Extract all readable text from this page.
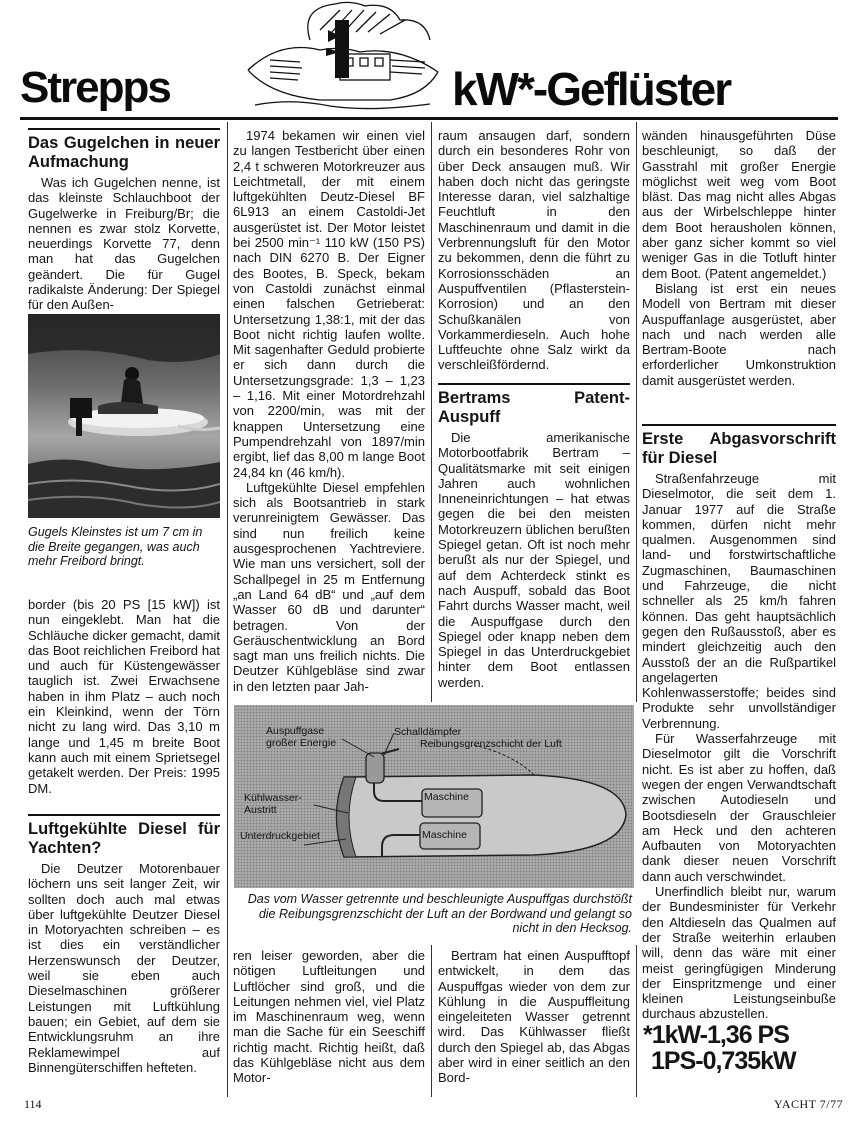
Strepps	kW*-Geflüster
Das Gugelchen in neuer Aufmachung

Was ich Gugelchen nenne, ist das kleinste Schlauchboot der Gugelwerke in Freiburg/Br; die nennen es zwar stolz Korvette, neuerdings Korvette 77, denn man hat das Gugelchen geändert. Die für Gugel radikalste Änderung: Der Spiegel für den Außen-

Gugels Kleinstes ist um 7 cm in die Breite gegangen, was auch mehr Freibord bringt.

border (bis 20 PS [15 kW]) ist nun eingeklebt. Man hat die Schläuche dicker gemacht, damit das Boot reichlichen Freibord hat und auch für Küstengewässer tauglich ist. Zwei Erwachsene haben in ihm Platz – auch noch ein Kleinkind, wenn der Törn nicht zu lang wird. Das 3,10 m lange und 1,45 m breite Boot kann auch mit einem Sprietsegel getakelt werden. Der Preis: 1995 DM.

Luftgekühlte Diesel für Yachten?

Die Deutzer Motorenbauer löchern uns seit langer Zeit, wir sollten doch auch mal etwas über luftgekühlte Deutzer Diesel in Motoryachten schreiben – es ist dies ein verständlicher Herzenswunsch der Deutzer, weil sie eben auch Dieselmaschinen größerer Leistungen mit Luftkühlung bauen; ein Gebiet, auf dem sie Entwicklungsruhm an ihre Reklamewimpel auf Binnengüterschiffen hefteten.

1974 bekamen wir einen viel zu langen Testbericht über einen 2,4 t schweren Motorkreuzer aus Leichtmetall, der mit einem luftgekühlten Deutz-Diesel BF 6L913 an einem Castoldi-Jet ausgerüstet ist. Der Motor leistet bei 2500 min⁻¹ 110 kW (150 PS) nach DIN 6270 B. Der Eigner des Bootes, B. Speck, bekam von Castoldi zunächst einmal einen falschen Getrieberat: Untersetzung 1,38:1, mit der das Boot nicht richtig laufen wollte. Mit sagenhafter Geduld probierte er sich dann durch die Untersetzungsgrade: 1,3 – 1,23 – 1,16. Mit einer Motordrehzahl von 2200/min, was mit der knappen Untersetzung eine Pumpendrehzahl von 1897/min ergibt, lief das 8,00 m lange Boot 24,84 kn (46 km/h).

Luftgekühlte Diesel empfehlen sich als Bootsantrieb in stark verunreinigtem Gewässer. Das sind nun freilich keine ausgesprochenen Yachtreviere. Wie man uns versichert, soll der Schallpegel in 25 m Entfernung „an Land 64 dB“ und „auf dem Wasser 60 dB und darunter“ betragen. Von der Geräuschentwicklung an Bord sagt man uns freilich nichts. Die Deutzer Kühlgebläse sind zwar in den letzten paar Jah-

raum ansaugen darf, sondern durch ein besonderes Rohr von über Deck ansaugen muß. Wir haben doch nicht das geringste Interesse daran, viel salzhaltige Feuchtluft in den Maschinenraum und damit in die Verbrennungsluft für den Motor zu bekommen, denn die führt zu Korrosionsschäden an Auspuffventilen (Pflasterstein-Korrosion) und an den Schußkanälen von Vorkammerdieseln. Auch hohe Luftfeuchte ohne Salz wirkt da verschleißfördernd.

Bertrams Patent-Auspuff

Die amerikanische Motorbootfabrik Bertram – Qualitätsmarke mit seit einigen Jahren auch wohnlichen Inneneinrichtungen – hat etwas gegen die bei den meisten Motorkreuzern üblichen berußten Spiegel getan. Oft ist noch mehr berußt als nur der Spiegel, und auf dem Achterdeck stinkt es nach Auspuff, sobald das Boot Fahrt durchs Wasser macht, weil die Auspuffgase durch den Spiegel oder knapp neben dem Spiegel in das Unterdruckgebiet hinter dem Boot entlassen werden.

wänden hinausgeführten Düse beschleunigt, so daß der Gasstrahl mit großer Energie möglichst weit weg vom Boot bläst. Das mag nicht alles Abgas aus der Wirbelschleppe hinter dem Boot herausholen können, aber ganz sicher kommt so viel weniger Gas in die Totluft hinter dem Boot. (Patent angemeldet.)

Bislang ist erst ein neues Modell von Bertram mit dieser Auspuffanlage ausgerüstet, aber nach und nach werden alle Bertram-Boote nach erforderlicher Umkonstruktion damit ausgerüstet werden.

Erste Abgasvorschrift für Diesel

Straßenfahrzeuge mit Dieselmotor, die seit dem 1. Januar 1977 auf die Straße kommen, dürfen nicht mehr qualmen. Ausgenommen sind land- und forstwirtschaftliche Zugmaschinen, Baumaschinen und Fahrzeuge, die nicht schneller als 25 km/h fahren können. Das geht hauptsächlich gegen den Rußausstoß, aber es mindert gleichzeitig auch den Ausstoß der an die Rußpartikel angelagerten Kohlenwasserstoffe; beides sind Produkte sehr unvollständiger Verbrennung.

Für Wasserfahrzeuge mit Dieselmotor gilt die Vorschrift nicht. Es ist aber zu hoffen, daß wegen der engen Verwandtschaft zwischen Autodieseln und Bootsdieseln der Grauschleier am Heck und den achteren Aufbauten von Motoryachten dank dieser neuen Vorschrift dann auch verschwindet.

Unerfindlich bleibt nur, warum der Bundesminister für Verkehr den Altdieseln das Qualmen auf der Straße weiterhin erlauben will, denn das wäre mit einer meist geringfügigen Minderung der Einspritzmenge und einer kleinen Leistungseinbuße durchaus abzustellen.

*1kW-1,36 PS
1PS-0,735kW
Auspuffgase großer Energie
Schalldämpfer
Reibungsgrenzschicht der Luft
Kühlwasser-Austritt
Maschine
Maschine
Unterdruckgebiet
Das vom Wasser getrennte und beschleunigte Auspuffgas durchstößt die Reibungsgrenzschicht der Luft an der Bordwand und gelangt so nicht in den Hecksog.

ren leiser geworden, aber die nötigen Luftleitungen und Luftlöcher sind groß, und die Leitungen nehmen viel, viel Platz im Maschinenraum weg, wenn man die Sache für ein Seeschiff richtig macht. Richtig heißt, daß das Kühlgebläse nicht aus dem Motor-

Bertram hat einen Auspufftopf entwickelt, in dem das Auspuffgas wieder von dem zur Kühlung in die Auspuffleitung eingeleiteten Wasser getrennt wird. Das Kühlwasser fließt durch den Spiegel ab, das Abgas aber wird in einer seitlich an den Bord-

114	YACHT 7/77
